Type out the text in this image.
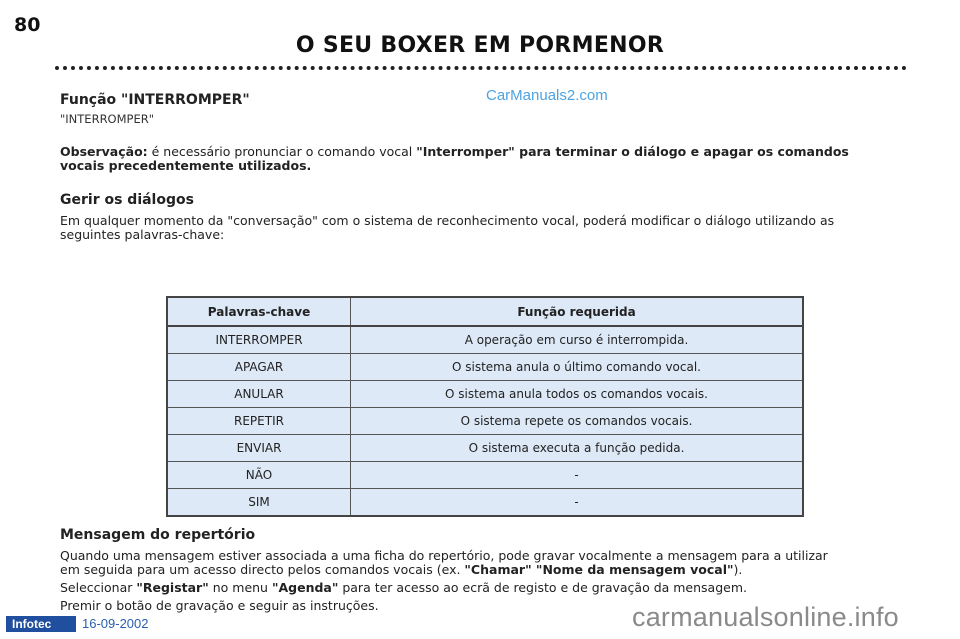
80
O SEU BOXER EM PORMENOR
CarManuals2.com
Função "INTERROMPER"
"INTERROMPER"
Observação: é necessário pronunciar o comando vocal "Interromper" para terminar o diálogo e apagar os comandos
vocais precedentemente utilizados.
Gerir os diálogos
Em qualquer momento da "conversação" com o sistema de reconhecimento vocal, poderá modificar o diálogo utilizando as
seguintes palavras-chave:
Palavras-chave	Função requerida
INTERROMPER	A operação em curso é interrompida.
APAGAR	O sistema anula o último comando vocal.
ANULAR	O sistema anula todos os comandos vocais.
REPETIR	O sistema repete os comandos vocais.
ENVIAR	O sistema executa a função pedida.
NÃO	-
SIM	-
Mensagem do repertório
Quando uma mensagem estiver associada a uma ficha do repertório, pode gravar vocalmente a mensagem para a utilizar
em seguida para um acesso directo pelos comandos vocais (ex. "Chamar" "Nome da mensagem vocal").
Seleccionar "Registar" no menu "Agenda" para ter acesso ao ecrã de registo e de gravação da mensagem.
Premir o botão de gravação e seguir as instruções.
Infotec	16-09-2002	carmanualsonline.info
